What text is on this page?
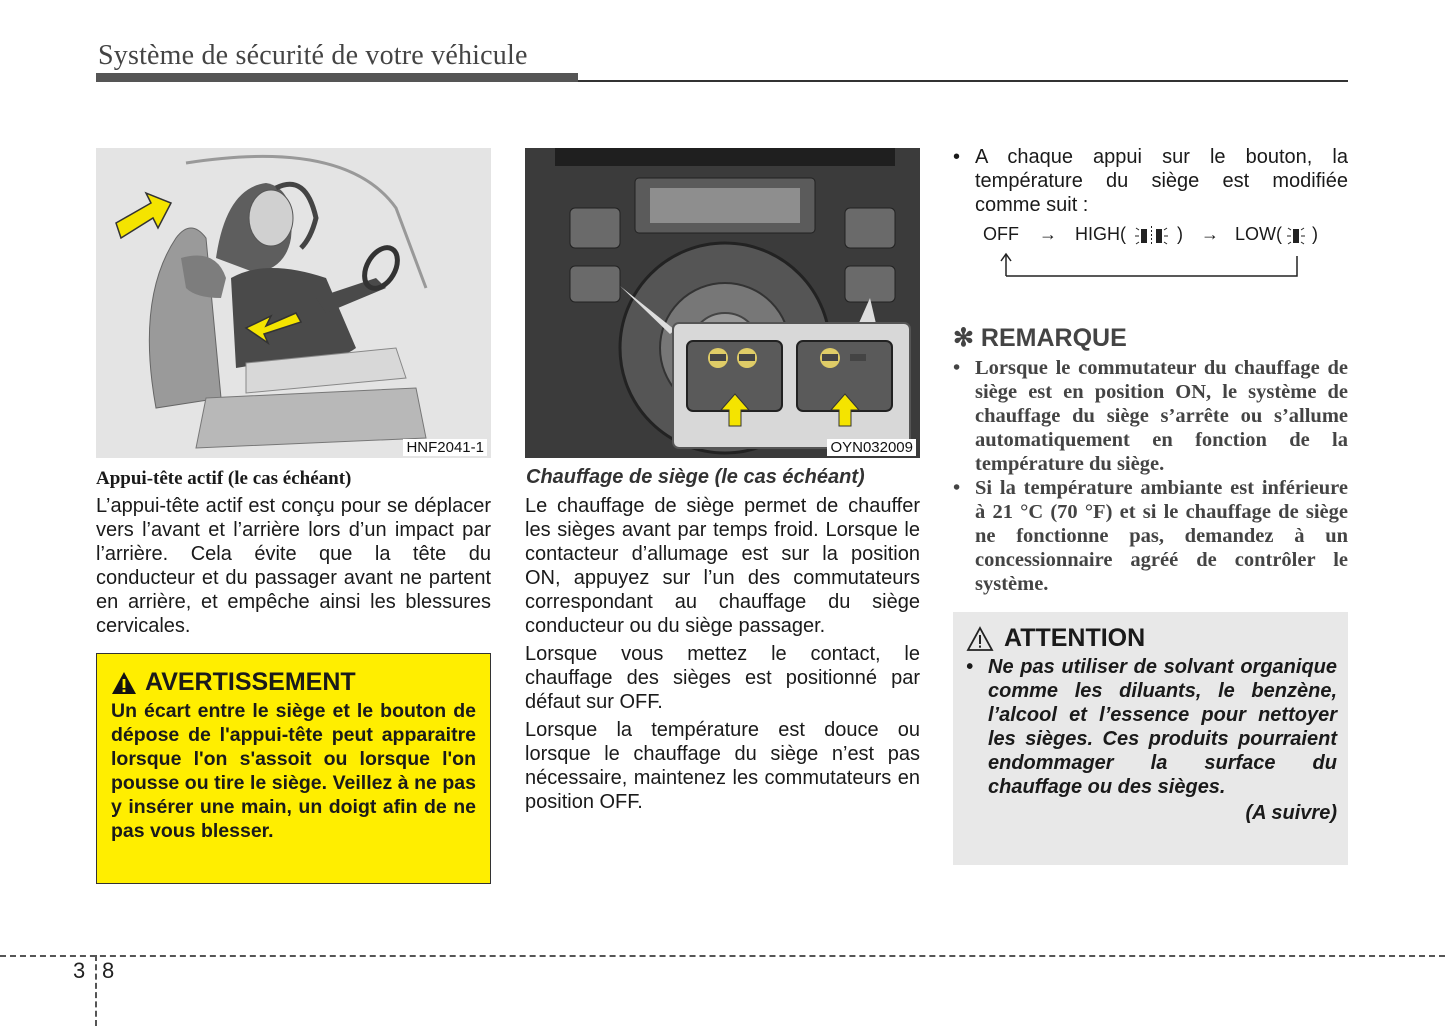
Système de sécurité de votre véhicule
HNF2041-1
Appui-tête actif (le cas échéant)
L’appui-tête actif est conçu pour se déplacer vers l’avant et l’arrière lors d’un impact par l’arrière. Cela évite que la tête du conducteur et du passager avant ne partent en arrière, et empêche ainsi les blessures cervicales.
AVERTISSEMENT
Un écart entre le siège et le bouton de dépose de l'appui-tête peut apparaitre lorsque l'on s'assoit ou lorsque l'on pousse ou tire le siège. Veillez à ne pas y insérer une main, un doigt afin de ne pas vous blesser.
OYN032009
Chauffage de siège (le cas échéant)

Le chauffage de siège permet de chauffer les sièges avant par temps froid. Lorsque le contacteur d’allumage est sur la position ON, appuyez sur l’un des commutateurs correspondant au chauffage du siège conducteur ou du siège passager.

Lorsque vous mettez le contact, le chauffage des sièges est positionné par défaut sur OFF.

Lorsque la température est douce ou lorsque le chauffage du siège n’est pas nécessaire, maintenez les commutateurs en position OFF.

• A chaque appui sur le bouton, la température du siège est modifiée comme suit :
OFF → HIGH(	) → LOW( )
✻ REMARQUE
• Lorsque le commutateur du chauffage de siège est en position ON, le système de chauffage du siège s’arrête ou s’allume automatiquement en fonction de la température du siège.
• Si la température ambiante est inférieure à 21 °C (70 °F) et si le chauffage de siège ne fonctionne pas, demandez à un concessionnaire agréé de contrôler le système.
ATTENTION
• Ne pas utiliser de solvant organique comme les diluants, le benzène, l’alcool et l’essence pour nettoyer les sièges. Ces produits pourraient endommager la surface du chauffage ou des sièges.
(A suivre)
3 8
